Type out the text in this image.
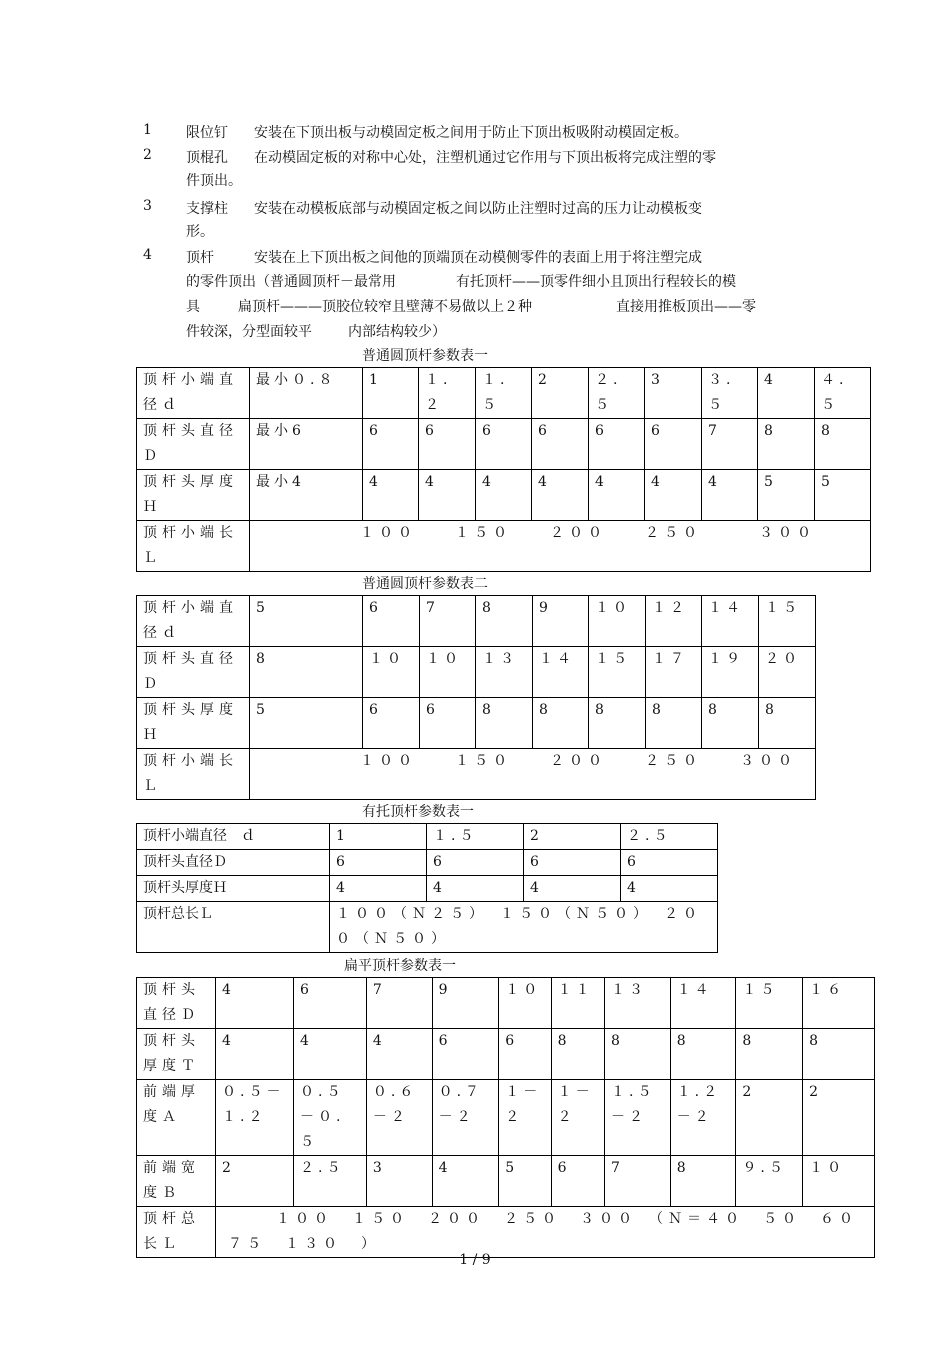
1 限位钉 安装在下顶出板与动模固定板之间用于防止下顶出板吸附动模固定板。
2 顶棍孔 在动模固定板的对称中心处，注塑机通过它作用与下顶出板将完成注塑的零
件顶出。
3 支撑柱 安装在动模板底部与动模固定板之间以防止注塑时过高的压力让动模板变
形。
4 顶杆	安装在上下顶出板之间他的顶端顶在动模侧零件的表面上用于将注塑完成
的零件顶出（普通圆顶杆－最常用	有托顶杆——顶零件细小且顶出行程较长的模
具	扁顶杆———顶胶位较窄且壁薄不易做以上２种	直接用推板顶出——零
件较深，分型面较平	内部结构较少）
普通圆顶杆参数表一
顶杆小端直径ｄ	最小０.８	1	１.２	１.５	2	２.５	3	３.５	4	４.５
顶杆头直径Ｄ	最小6	6	6	6	6	6	6	7	8	8
顶杆头厚度Ｈ	最小4	4	4	4	4	4	4	4	5	5
顶杆小端长Ｌ	１００　　１５０　　２００　　２５０　　　３００									
普通圆顶杆参数表二
顶杆小端直径ｄ	5	6	7	8	9	１０	１２	１４	１５
顶杆头直径Ｄ	8	１０	１０	１３	１４	１５	１７	１９	２０
顶杆头厚度Ｈ	5	6	6	8	8	8	8	8	8
顶杆小端长Ｌ	１００　　１５０　　２００　　２５０　　３００								
有托顶杆参数表一
顶杆小端直径　ｄ	1	１.５	2	２.５
顶杆头直径Ｄ	6	6	6	6
顶杆头厚度Ｈ	4	4	4	4
顶杆总长Ｌ	１００（Ｎ２５）　１５０（Ｎ５０）　２００（Ｎ５０）			
扁平顶杆参数表一
顶杆头直径Ｄ	4	6	7	9	１０	１１	１３	１４	１５	１６
顶杆头厚度Ｔ	4	4	4	6	6	8	8	8	8	8
前端厚度Ａ	０.５－１.２	０.５－０.５	０.６－２	０.７－２	１－２	１－２	１.５－２	１.２－２	2	2
前端宽度Ｂ	2	２.５	3	4	5	6	7	8	９.５	１０
顶杆总长Ｌ	１００　１５０　２００　２５０　３００　（Ｎ＝４０　５０　６０　７５　１３０　）									
1 / 9
